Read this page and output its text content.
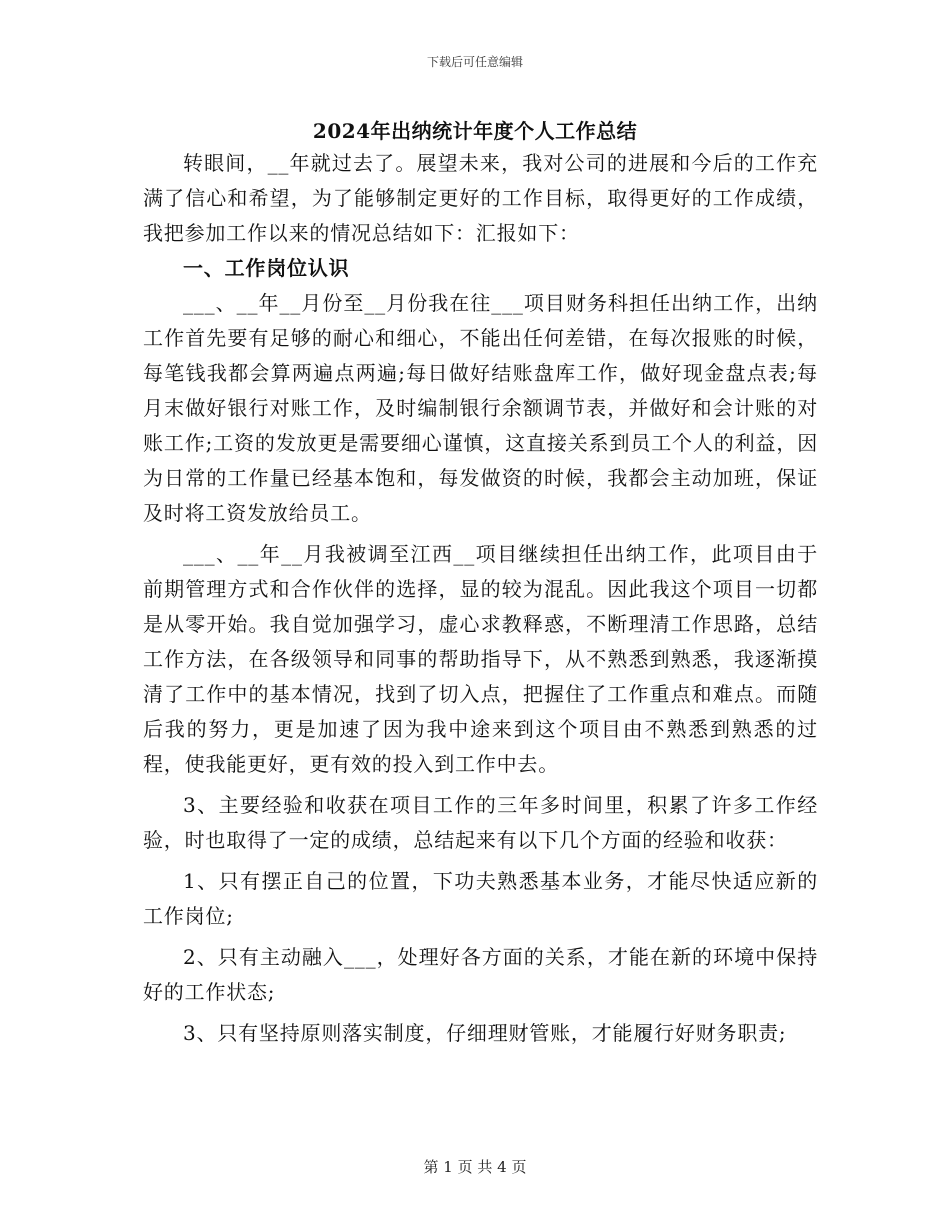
下载后可任意编辑
2024年出纳统计年度个人工作总结

转眼间，__年就过去了。展望未来，我对公司的进展和今后的工作充满了信心和希望，为了能够制定更好的工作目标，取得更好的工作成绩，我把参加工作以来的情况总结如下：汇报如下：

一、工作岗位认识

___、__年__月份至__月份我在往___项目财务科担任出纳工作，出纳工作首先要有足够的耐心和细心，不能出任何差错，在每次报账的时候，每笔钱我都会算两遍点两遍;每日做好结账盘库工作，做好现金盘点表;每月末做好银行对账工作，及时编制银行余额调节表，并做好和会计账的对账工作;工资的发放更是需要细心谨慎，这直接关系到员工个人的利益，因为日常的工作量已经基本饱和，每发做资的时候，我都会主动加班，保证及时将工资发放给员工。

___、__年__月我被调至江西__项目继续担任出纳工作，此项目由于前期管理方式和合作伙伴的选择，显的较为混乱。因此我这个项目一切都是从零开始。我自觉加强学习，虚心求教释惑，不断理清工作思路，总结工作方法，在各级领导和同事的帮助指导下，从不熟悉到熟悉，我逐渐摸清了工作中的基本情况，找到了切入点，把握住了工作重点和难点。而随后我的努力，更是加速了因为我中途来到这个项目由不熟悉到熟悉的过程，使我能更好，更有效的投入到工作中去。

3、主要经验和收获在项目工作的三年多时间里，积累了许多工作经验，时也取得了一定的成绩，总结起来有以下几个方面的经验和收获：

1、只有摆正自己的位置，下功夫熟悉基本业务，才能尽快适应新的工作岗位;

2、只有主动融入___，处理好各方面的关系，才能在新的环境中保持好的工作状态;

3、只有坚持原则落实制度，仔细理财管账，才能履行好财务职责;

第 1 页 共 4 页
